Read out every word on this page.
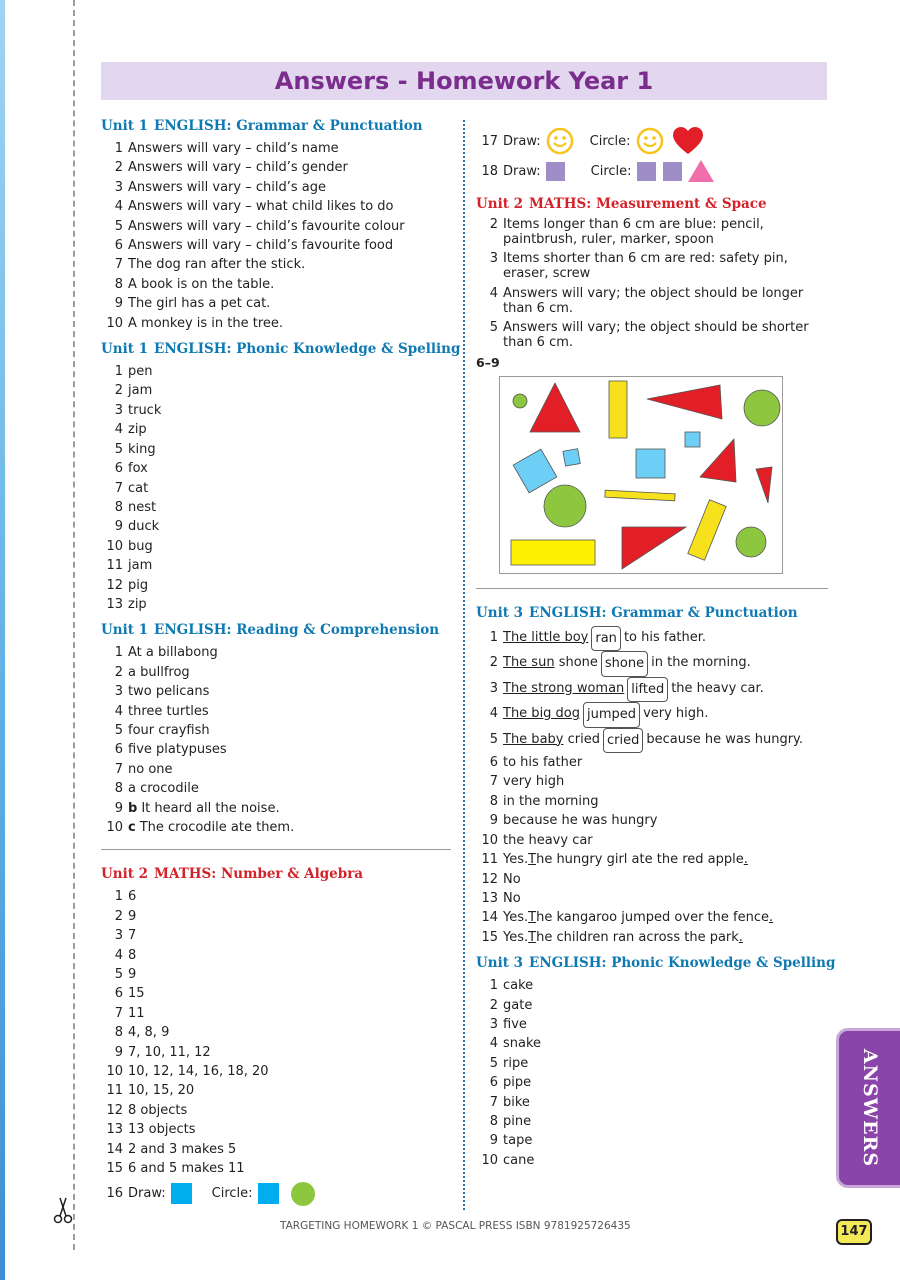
Answers - Homework Year 1
Unit 1 ENGLISH: Grammar & Punctuation
1 Answers will vary – child’s name
2 Answers will vary – child’s gender
3 Answers will vary – child’s age
4 Answers will vary – what child likes to do
5 Answers will vary – child’s favourite colour
6 Answers will vary – child’s favourite food
7 The dog ran after the stick.
8 A book is on the table.
9 The girl has a pet cat.
10 A monkey is in the tree.
Unit 1 ENGLISH: Phonic Knowledge & Spelling
1 pen
2 jam
3 truck
4 zip
5 king
6 fox
7 cat
8 nest
9 duck
10 bug
11 jam
12 pig
13 zip
Unit 1 ENGLISH: Reading & Comprehension
1 At a billabong
2 a bullfrog
3 two pelicans
4 three turtles
5 four crayfish
6 five platypuses
7 no one
8 a crocodile
9 b It heard all the noise.
10 c The crocodile ate them.
Unit 2 MATHS: Number & Algebra
1 6
2 9
3 7
4 8
5 9
6 15
7 11
8 4, 8, 9
9 7, 10, 11, 12
10 10, 12, 14, 16, 18, 20
11 10, 15, 20
12 8 objects
13 13 objects
14 2 and 3 makes 5
15 6 and 5 makes 11
16 Draw:	Circle:
17 Draw:	Circle:
18 Draw:	Circle:
Unit 2 MATHS: Measurement & Space
2 Items longer than 6 cm are blue: pencil, paintbrush, ruler, marker, spoon
3 Items shorter than 6 cm are red: safety pin, eraser, screw
4 Answers will vary; the object should be longer than 6 cm.
5 Answers will vary; the object should be shorter than 6 cm.
6–9
Unit 3 ENGLISH: Grammar & Punctuation
1 The little boy ran to his father.
2 The sun
shone shone in the morning.
3 The strong woman lifted the heavy car.
4 The big dog jumped very high.
5 The baby
cried cried because he was hungry.
6 to his father
7 very high
8 in the morning
9 because he was hungry
10 the heavy car
11 Yes. T he hungry girl ate the red apple .
12 No
13 No
14 Yes. T he kangaroo jumped over the fence .
15 Yes. T he children ran across the park .
Unit 3 ENGLISH: Phonic Knowledge & Spelling
1 cake
2 gate
3 five
4 snake
5 ripe
6 pipe
7 bike
8 pine
9 tape
10 cane	ANSWERS
TARGETING HOMEWORK 1 © PASCAL PRESS ISBN 9781925726435	147
